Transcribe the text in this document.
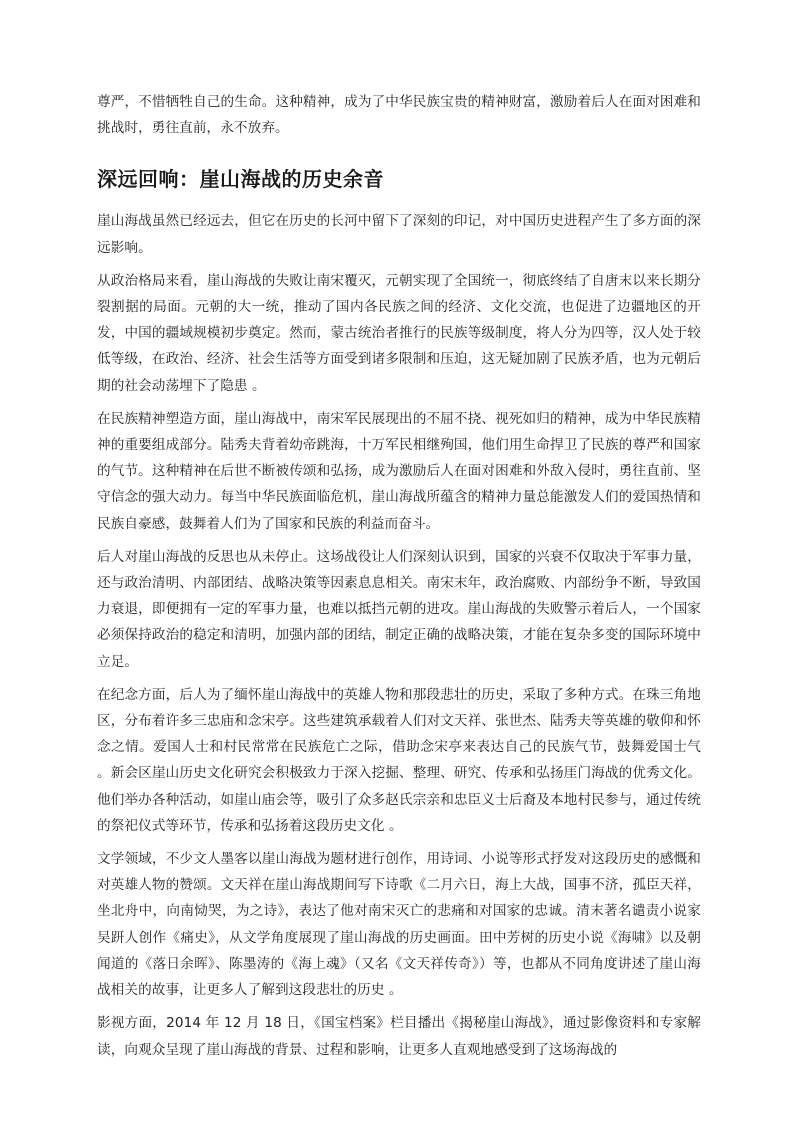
尊严，不惜牺牲自己的生命。这种精神，成为了中华民族宝贵的精神财富，激励着后人在面对困难和挑战时，勇往直前，永不放弃。

深远回响：崖山海战的历史余音

崖山海战虽然已经远去，但它在历史的长河中留下了深刻的印记，对中国历史进程产生了多方面的深远影响。

从政治格局来看，崖山海战的失败让南宋覆灭，元朝实现了全国统一，彻底终结了自唐末以来长期分裂割据的局面。元朝的大一统，推动了国内各民族之间的经济、文化交流，也促进了边疆地区的开发，中国的疆域规模初步奠定。然而，蒙古统治者推行的民族等级制度，将人分为四等，汉人处于较低等级，在政治、经济、社会生活等方面受到诸多限制和压迫，这无疑加剧了民族矛盾，也为元朝后期的社会动荡埋下了隐患 。

在民族精神塑造方面，崖山海战中，南宋军民展现出的不屈不挠、视死如归的精神，成为中华民族精神的重要组成部分。陆秀夫背着幼帝跳海，十万军民相继殉国，他们用生命捍卫了民族的尊严和国家的气节。这种精神在后世不断被传颂和弘扬，成为激励后人在面对困难和外敌入侵时，勇往直前、坚守信念的强大动力。每当中华民族面临危机，崖山海战所蕴含的精神力量总能激发人们的爱国热情和民族自豪感，鼓舞着人们为了国家和民族的利益而奋斗。

后人对崖山海战的反思也从未停止。这场战役让人们深刻认识到，国家的兴衰不仅取决于军事力量，还与政治清明、内部团结、战略决策等因素息息相关。南宋末年，政治腐败、内部纷争不断，导致国力衰退，即便拥有一定的军事力量，也难以抵挡元朝的进攻。崖山海战的失败警示着后人，一个国家必须保持政治的稳定和清明，加强内部的团结，制定正确的战略决策，才能在复杂多变的国际环境中立足。

在纪念方面，后人为了缅怀崖山海战中的英雄人物和那段悲壮的历史，采取了多种方式。在珠三角地区，分布着许多三忠庙和念宋亭。这些建筑承载着人们对文天祥、张世杰、陆秀夫等英雄的敬仰和怀念之情。爱国人士和村民常常在民族危亡之际，借助念宋亭来表达自己的民族气节，鼓舞爱国士气 。新会区崖山历史文化研究会积极致力于深入挖掘、整理、研究、传承和弘扬厓门海战的优秀文化。他们举办各种活动，如崖山庙会等，吸引了众多赵氏宗亲和忠臣义士后裔及本地村民参与，通过传统的祭祀仪式等环节，传承和弘扬着这段历史文化 。

文学领域，不少文人墨客以崖山海战为题材进行创作，用诗词、小说等形式抒发对这段历史的感慨和对英雄人物的赞颂。文天祥在崖山海战期间写下诗歌《二月六日，海上大战，国事不济，孤臣天祥，坐北舟中，向南恸哭，为之诗》，表达了他对南宋灭亡的悲痛和对国家的忠诚。清末著名谴责小说家吴趼人创作《痛史》，从文学角度展现了崖山海战的历史画面。田中芳树的历史小说《海啸》以及朝闻道的《落日余晖》、陈墨涛的《海上魂》（又名《文天祥传奇》）等，也都从不同角度讲述了崖山海战相关的故事，让更多人了解到这段悲壮的历史 。

影视方面，2014 年 12 月 18 日，《国宝档案》栏目播出《揭秘崖山海战》，通过影像资料和专家解读，向观众呈现了崖山海战的背景、过程和影响，让更多人直观地感受到了这场海战的
